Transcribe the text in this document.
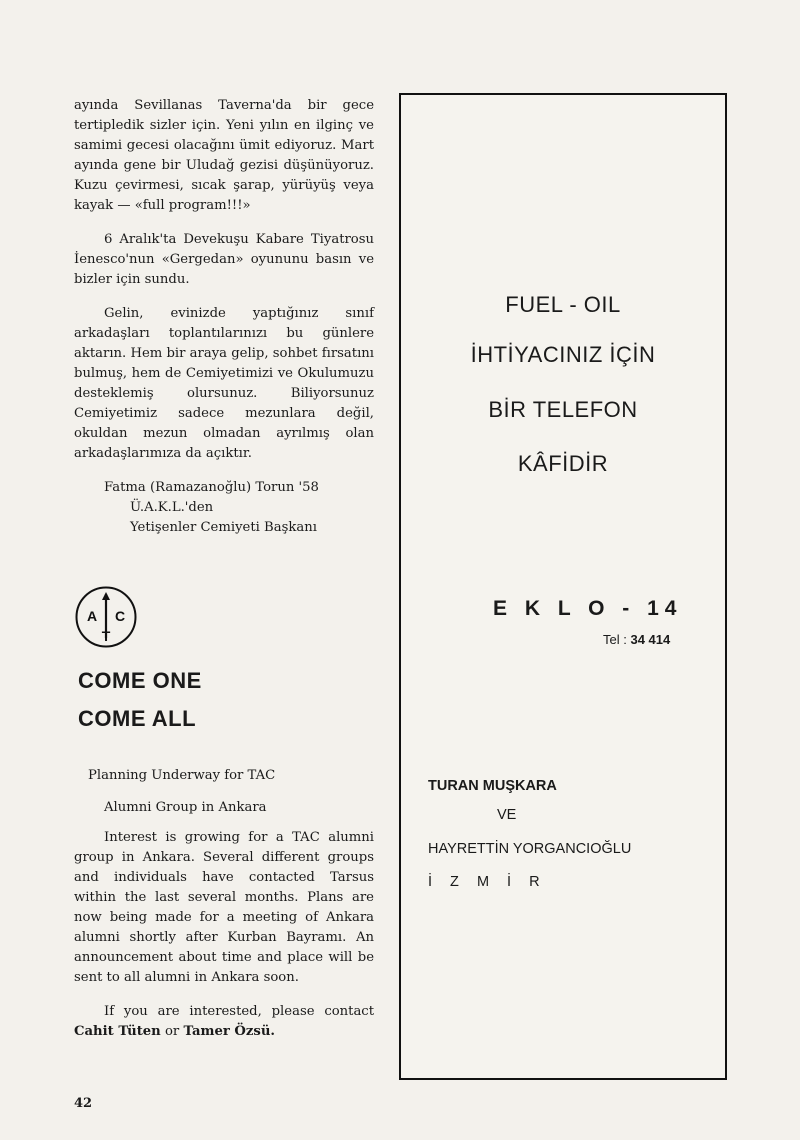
ayında Sevillanas Taverna'da bir gece tertipledik sizler için. Yeni yılın en ilginç ve samimi gecesi olacağını ümit ediyoruz. Mart ayında gene bir Uludağ gezisi düşünüyoruz. Kuzu çevirmesi, sıcak şarap, yürüyüş veya kayak — «full program!!!»

6 Aralık'ta Devekuşu Kabare Tiyatrosu İenesco'nun «Gergedan» oyununu basın ve bizler için sundu.

Gelin, evinizde yaptığınız sınıf arkadaşları toplantılarınızı bu günlere aktarın. Hem bir araya gelip, sohbet fırsatını bulmuş, hem de Cemiyetimizi ve Okulumuzu desteklemiş olursunuz. Biliyorsunuz Cemiyetimiz sadece mezunlara değil, okuldan mezun olmadan ayrılmış olan arkadaşlarımıza da açıktır.

Fatma (Ramazanoğlu) Torun '58

Ü.A.K.L.'den

Yetişenler Cemiyeti Başkanı

A C
T

COME ONE

COME ALL

Planning Underway for TAC

Alumni Group in Ankara

Interest is growing for a TAC alumni group in Ankara. Several different groups and individuals have contacted Tarsus within the last several months. Plans are now being made for a meeting of Ankara alumni shortly after Kurban Bayramı. An announcement about time and place will be sent to all alumni in Ankara soon.

If you are interested, please contact Cahit Tüten or Tamer Özsü.

42

FUEL - OIL

İHTİYACINIZ İÇİN

BİR TELEFON

KÂFİDİR

E K L O - 14
Tel : 34 414

TURAN MUŞKARA

VE

HAYRETTİN YORGANCIOĞLU

İ Z M İ R
